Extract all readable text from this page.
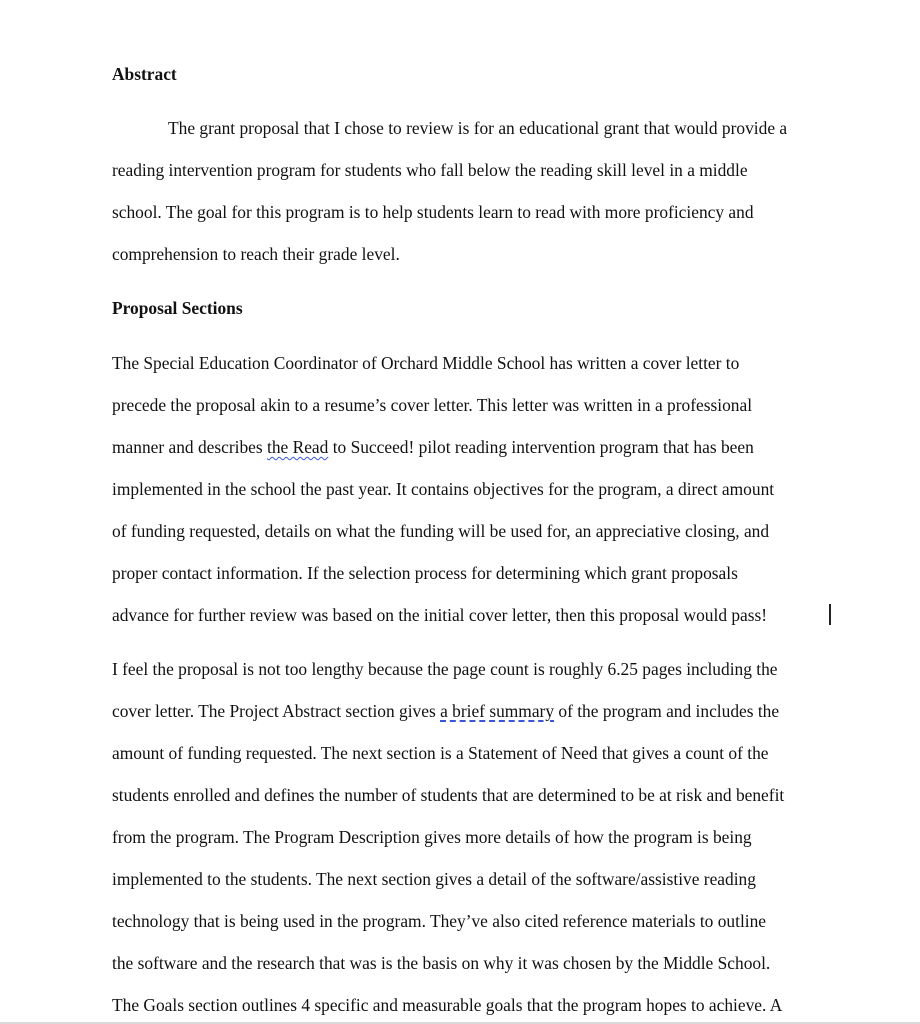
Abstract
The grant proposal that I chose to review is for an educational grant that would provide a
reading intervention program for students who fall below the reading skill level in a middle
school. The goal for this program is to help students learn to read with more proficiency and
comprehension to reach their grade level.
Proposal Sections
The Special Education Coordinator of Orchard Middle School has written a cover letter to
precede the proposal akin to a resume’s cover letter. This letter was written in a professional
manner and describes the Read to Succeed! pilot reading intervention program that has been
implemented in the school the past year. It contains objectives for the program, a direct amount
of funding requested, details on what the funding will be used for, an appreciative closing, and
proper contact information. If the selection process for determining which grant proposals
advance for further review was based on the initial cover letter, then this proposal would pass!
I feel the proposal is not too lengthy because the page count is roughly 6.25 pages including the
cover letter. The Project Abstract section gives a brief summary of the program and includes the
amount of funding requested. The next section is a Statement of Need that gives a count of the
students enrolled and defines the number of students that are determined to be at risk and benefit
from the program. The Program Description gives more details of how the program is being
implemented to the students. The next section gives a detail of the software/assistive reading
technology that is being used in the program. They’ve also cited reference materials to outline
the software and the research that was is the basis on why it was chosen by the Middle School.
The Goals section outlines 4 specific and measurable goals that the program hopes to achieve. A
